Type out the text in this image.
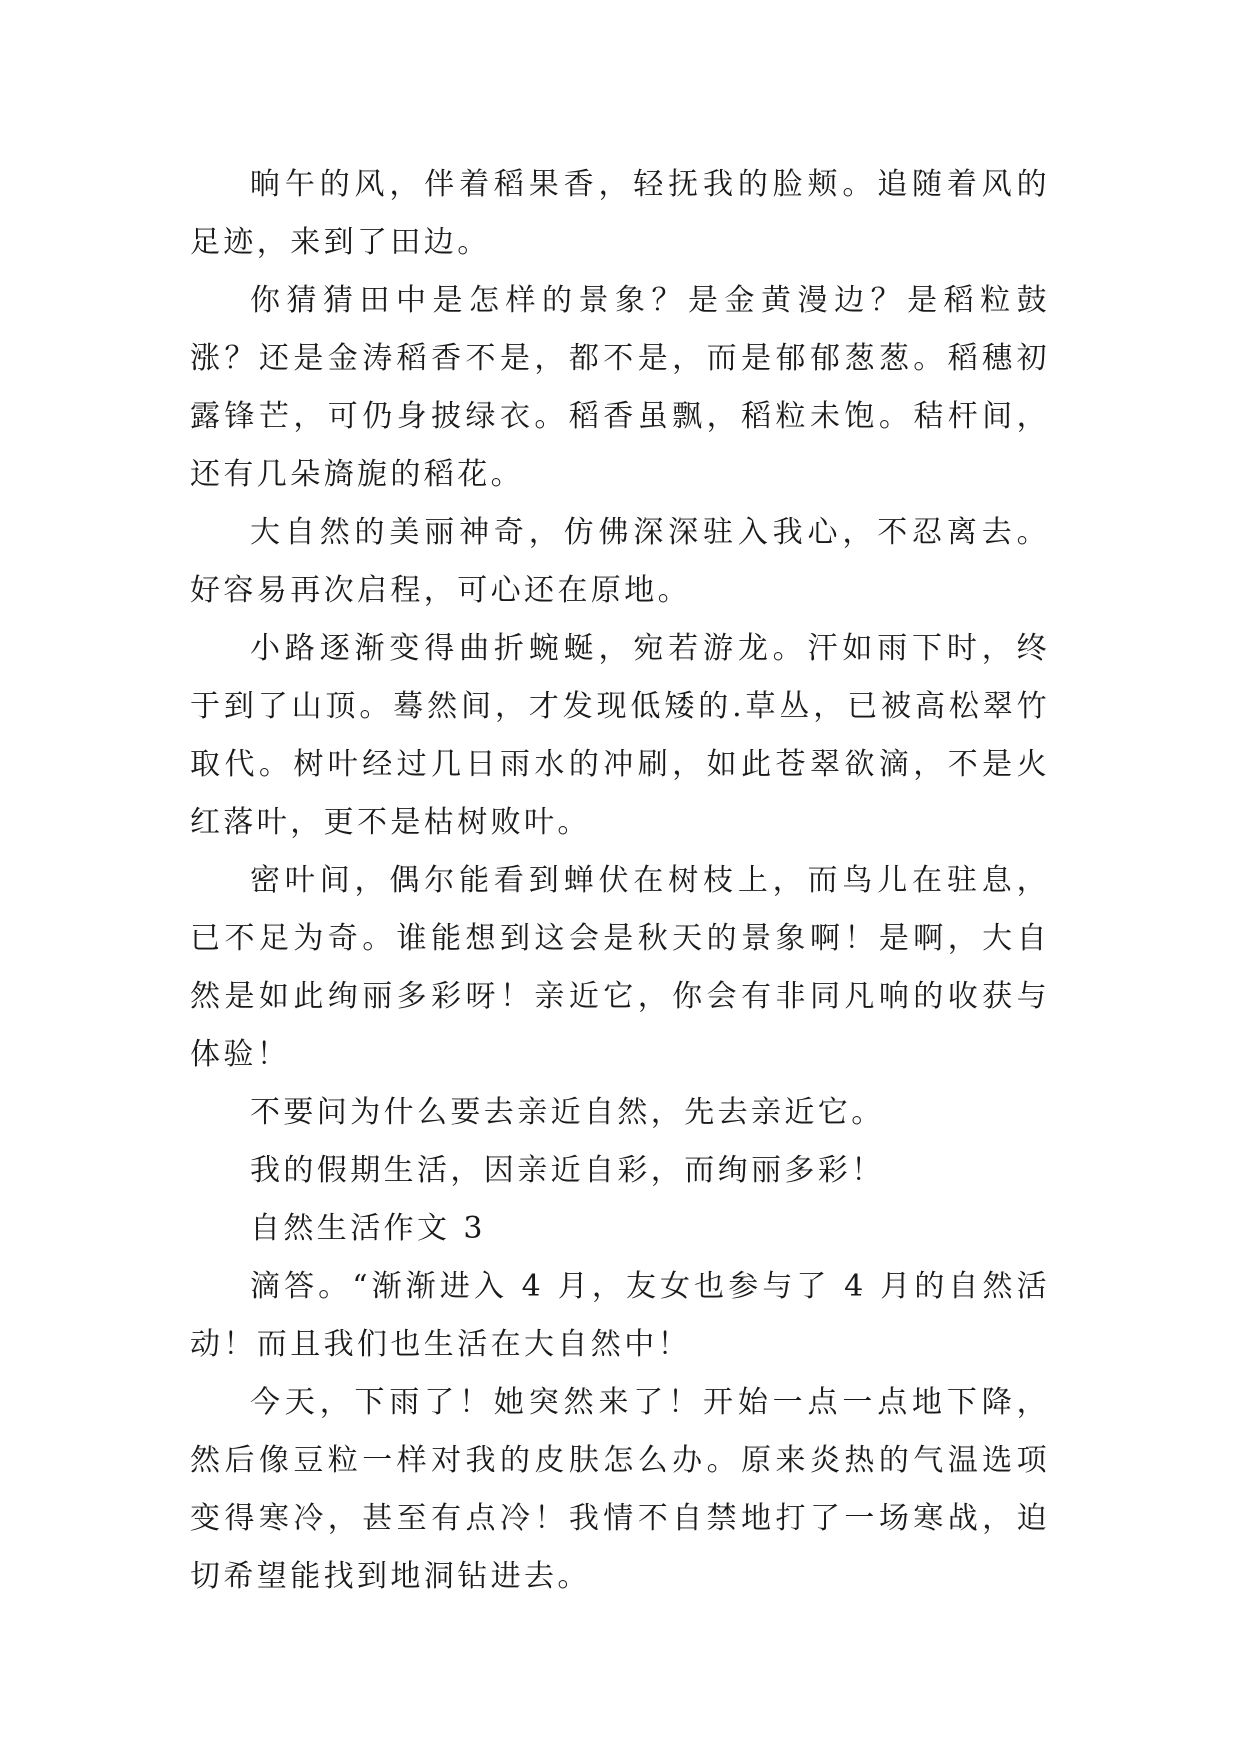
晌午的风，伴着稻果香，轻抚我的脸颊。追随着风的足迹，来到了田边。

你猜猜田中是怎样的景象？是金黄漫边？是稻粒鼓涨？还是金涛稻香不是，都不是，而是郁郁葱葱。稻穗初露锋芒，可仍身披绿衣。稻香虽飘，稻粒未饱。秸杆间，还有几朵旖旎的稻花。

大自然的美丽神奇，仿佛深深驻入我心，不忍离去。好容易再次启程，可心还在原地。

小路逐渐变得曲折蜿蜒，宛若游龙。汗如雨下时，终于到了山顶。蓦然间，才发现低矮的.草丛，已被高松翠竹取代。树叶经过几日雨水的冲刷，如此苍翠欲滴，不是火红落叶，更不是枯树败叶。

密叶间，偶尔能看到蝉伏在树枝上，而鸟儿在驻息，已不足为奇。谁能想到这会是秋天的景象啊！是啊，大自然是如此绚丽多彩呀！亲近它，你会有非同凡响的收获与体验！

不要问为什么要去亲近自然，先去亲近它。

我的假期生活，因亲近自彩，而绚丽多彩！

自然生活作文 3

滴答。“渐渐进入 4 月，友女也参与了 4 月的自然活动！而且我们也生活在大自然中！

今天，下雨了！她突然来了！开始一点一点地下降，然后像豆粒一样对我的皮肤怎么办。原来炎热的气温选项变得寒冷，甚至有点冷！我情不自禁地打了一场寒战，迫切希望能找到地洞钻进去。
